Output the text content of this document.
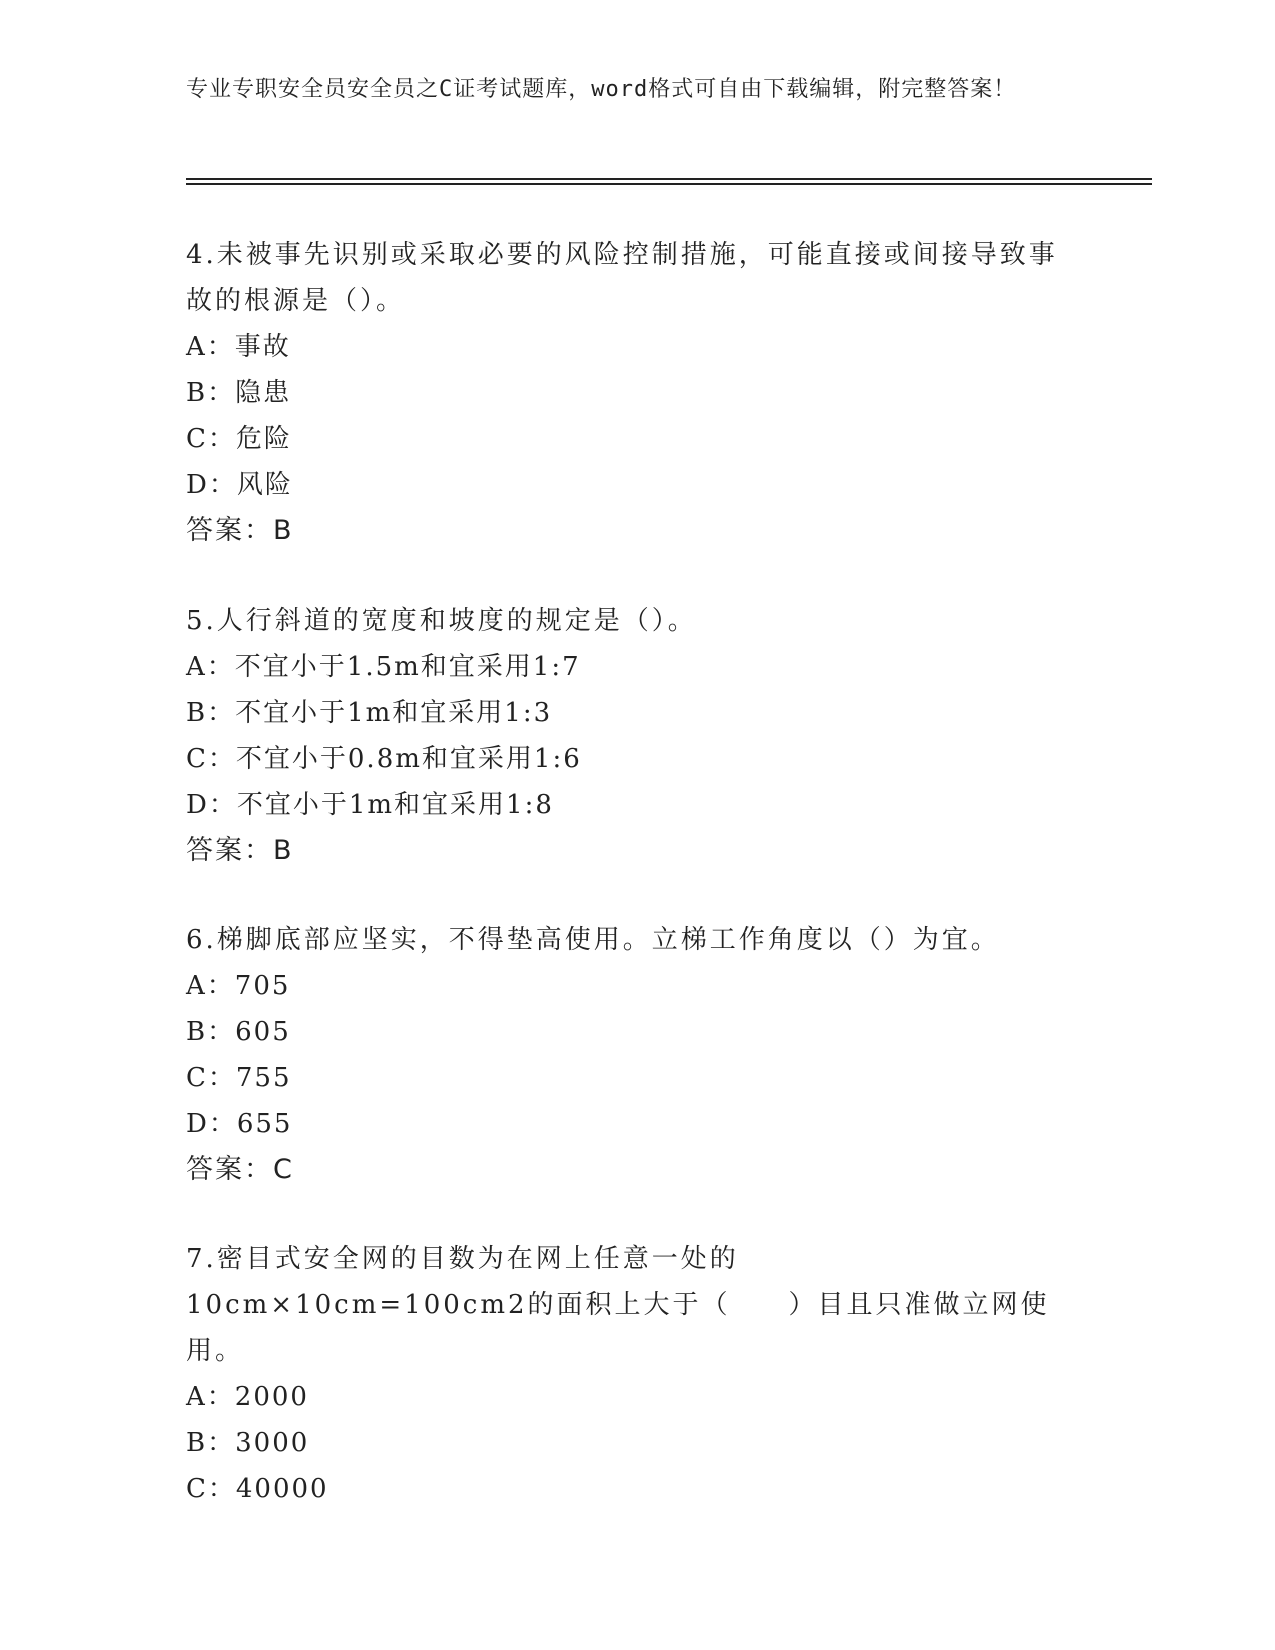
专业专职安全员安全员之C证考试题库，word格式可自由下载编辑，附完整答案！
4.未被事先识别或采取必要的风险控制措施，可能直接或间接导致事故的根源是（）。
A：事故
B：隐患
C：危险
D：风险
答案：B
5.人行斜道的宽度和坡度的规定是（）。
A：不宜小于1.5m和宜采用1:7
B：不宜小于1m和宜采用1:3
C：不宜小于0.8m和宜采用1:6
D：不宜小于1m和宜采用1:8
答案：B
6.梯脚底部应坚实，不得垫高使用。立梯工作角度以（）为宜。
A：705
B：605
C：755
D：655
答案：C
7.密目式安全网的目数为在网上任意一处的10cm×10cm=100cm2的面积上大于（　　）目且只准做立网使用。
A：2000
B：3000
C：40000
